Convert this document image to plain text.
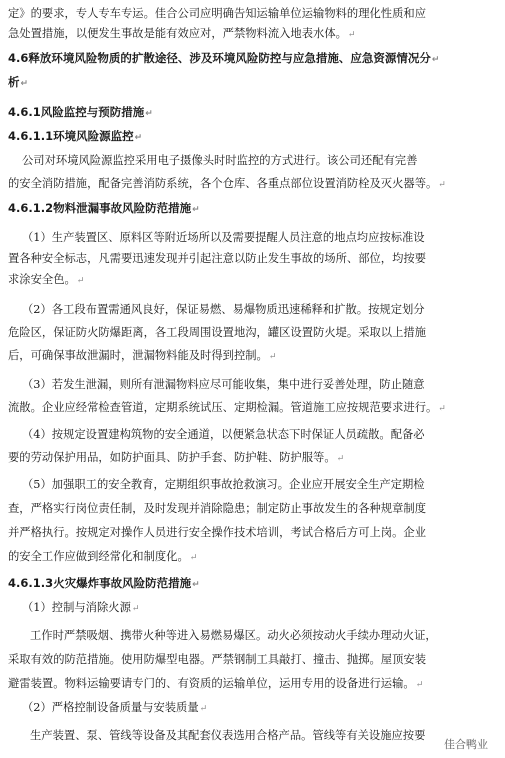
定》的要求，专人专车专运。佳合公司应明确告知运输单位运输物料的理化性质和应
急处置措施，以便发生事故是能有效应对，严禁物料流入地表水体。↵
4.6释放环境风险物质的扩散途径、涉及环境风险防控与应急措施、应急资源情况分↵
析↵
4.6.1风险监控与预防措施↵
4.6.1.1环境风险源监控↵
公司对环境风险源监控采用电子摄像头时时监控的方式进行。该公司还配有完善
的安全消防措施，配备完善消防系统，各个仓库、各重点部位设置消防栓及灭火器等。↵
4.6.1.2物料泄漏事故风险防范措施↵
（1）生产装置区、原料区等附近场所以及需要提醒人员注意的地点均应按标准设
置各种安全标志，凡需要迅速发现并引起注意以防止发生事故的场所、部位，均按要
求涂安全色。↵
（2）各工段布置需通风良好，保证易燃、易爆物质迅速稀释和扩散。按规定划分
危险区，保证防火防爆距离，各工段周围设置地沟，罐区设置防火堤。采取以上措施
后，可确保事故泄漏时，泄漏物料能及时得到控制。↵
（3）若发生泄漏，则所有泄漏物料应尽可能收集，集中进行妥善处理，防止随意
流散。企业应经常检查管道，定期系统试压、定期检漏。管道施工应按规范要求进行。↵
（4）按规定设置建构筑物的安全通道，以便紧急状态下时保证人员疏散。配备必
要的劳动保护用品，如防护面具、防护手套、防护鞋、防护服等。↵
（5）加强职工的安全教育，定期组织事故抢救演习。企业应开展安全生产定期检
查，严格实行岗位责任制，及时发现并消除隐患；制定防止事故发生的各种规章制度
并严格执行。按规定对操作人员进行安全操作技术培训，考试合格后方可上岗。企业
的安全工作应做到经常化和制度化。↵
4.6.1.3火灾爆炸事故风险防范措施↵
（1）控制与消除火源↵
工作时严禁吸烟、携带火种等进入易燃易爆区。动火必须按动火手续办理动火证，
采取有效的防范措施。使用防爆型电器。严禁钢制工具敲打、撞击、抛掷。屋顶安装
避雷装置。物料运输要请专门的、有资质的运输单位，运用专用的设备进行运输。↵
（2）严格控制设备质量与安装质量↵
生产装置、泵、管线等设备及其配套仪表选用合格产品。管线等有关设施应按要
佳合鸭业
